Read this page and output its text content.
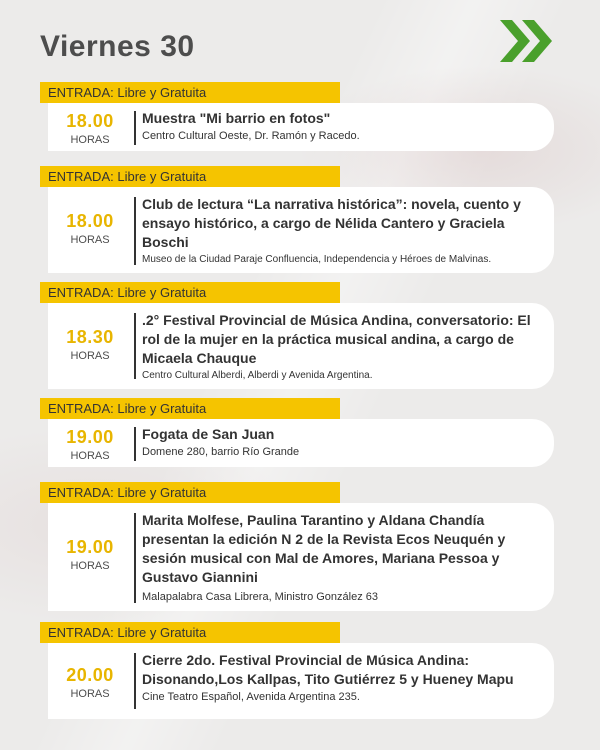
Viernes 30
ENTRADA: Libre y Gratuita
18.00
HORAS
Muestra "Mi barrio en fotos"
Centro Cultural Oeste, Dr. Ramón y Racedo.
ENTRADA: Libre y Gratuita
18.00
HORAS
Club de lectura “La narrativa histórica”: novela, cuento y ensayo histórico, a cargo de Nélida Cantero y Graciela Boschi
Museo de la Ciudad Paraje Confluencia, Independencia y Héroes de Malvinas.
ENTRADA: Libre y Gratuita
18.30
HORAS
.2° Festival Provincial de Música Andina, conversatorio: El rol de la mujer en la práctica musical andina, a cargo de Micaela Chauque
Centro Cultural Alberdi, Alberdi y Avenida Argentina.
ENTRADA: Libre y Gratuita
19.00
HORAS
Fogata de San Juan
Domene 280, barrio Río Grande
ENTRADA: Libre y Gratuita
19.00
HORAS
Marita Molfese, Paulina Tarantino y Aldana Chandía presentan la edición N 2 de la Revista Ecos Neuquén y sesión musical con Mal de Amores, Mariana Pessoa y Gustavo Giannini
Malapalabra Casa Librera, Ministro González 63
ENTRADA: Libre y Gratuita
20.00
HORAS
Cierre 2do. Festival Provincial de Música Andina: Disonando,Los Kallpas, Tito Gutiérrez 5 y Hueney Mapu
Cine Teatro Español, Avenida Argentina 235.
